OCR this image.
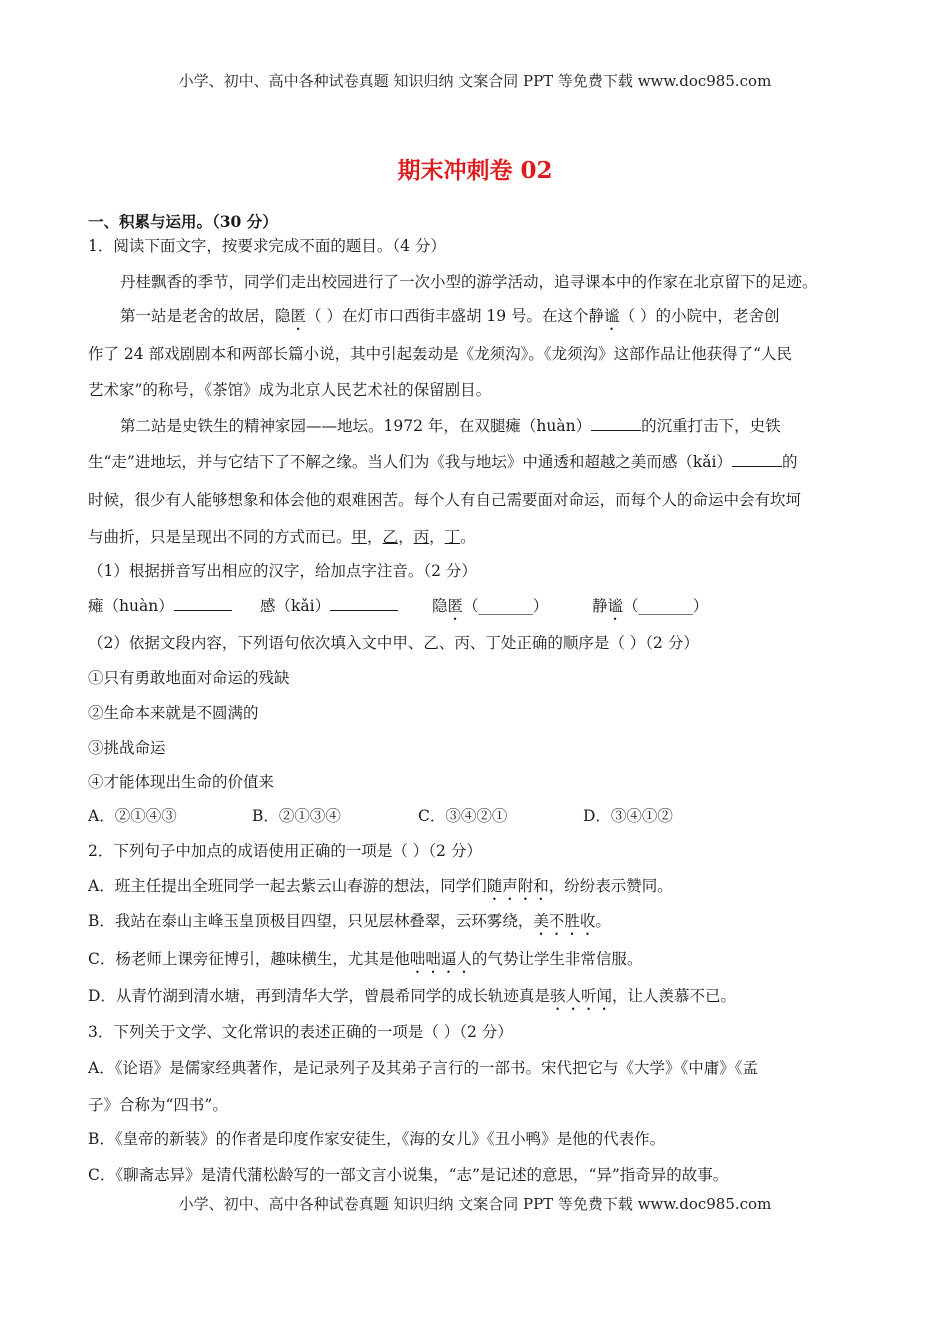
小学、初中、高中各种试卷真题 知识归纳 文案合同 PPT 等免费下载 www.doc985.com
期末冲刺卷 02
一、积累与运用。（30 分）
1．阅读下面文字，按要求完成不面的题目。（4 分）
丹桂飘香的季节，同学们走出校园进行了一次小型的游学活动，追寻课本中的作家在北京留下的足迹。
第一站是老舍的故居，隐匿（ ）在灯市口西街丰盛胡 19 号。在这个静谧（ ）的小院中，老舍创
作了 24 部戏剧剧本和两部长篇小说，其中引起轰动是《龙须沟》。《龙须沟》这部作品让他获得了“人民
艺术家”的称号，《茶馆》成为北京人民艺术社的保留剧目。
第二站是史铁生的精神家园——地坛。1972 年，在双腿瘫（huàn）	的沉重打击下，史铁
生“走”进地坛，并与它结下了不解之缘。当人们为《我与地坛》中通透和超越之美而感（kǎi）	的
时候，很少有人能够想象和体会他的艰难困苦。每个人有自己需要面对命运，而每个人的命运中会有坎坷
与曲折，只是呈现出不同的方式而已。甲，乙，丙，丁。
（1）根据拼音写出相应的汉字，给加点字注音。（2 分）
瘫（huàn）	感（kǎi）	隐匿（_______）	静谧（_______）
（2）依据文段内容，下列语句依次填入文中甲、乙、丙、丁处正确的顺序是（ ）（2 分）
①只有勇敢地面对命运的残缺
②生命本来就是不圆满的
③挑战命运
④才能体现出生命的价值来
A．②①④③	B．②①③④	C．③④②①	D．③④①②
2．下列句子中加点的成语使用正确的一项是（ ）（2 分）
A．班主任提出全班同学一起去紫云山春游的想法，同学们随声附和，纷纷表示赞同。
B．我站在泰山主峰玉皇顶极目四望，只见层林叠翠，云环雾绕，美不胜收。
C．杨老师上课旁征博引，趣味横生，尤其是他咄咄逼人的气势让学生非常信服。
D．从青竹湖到清水塘，再到清华大学，曾晨希同学的成长轨迹真是骇人听闻，让人羡慕不已。
3．下列关于文学、文化常识的表述正确的一项是（ ）（2 分）
A．《论语》是儒家经典著作，是记录列子及其弟子言行的一部书。宋代把它与《大学》《中庸》《孟
子》合称为“四书”。
B．《皇帝的新装》的作者是印度作家安徒生，《海的女儿》《丑小鸭》是他的代表作。
C．《聊斋志异》是清代蒲松龄写的一部文言小说集，“志”是记述的意思，“异”指奇异的故事。
小学、初中、高中各种试卷真题 知识归纳 文案合同 PPT 等免费下载 www.doc985.com
